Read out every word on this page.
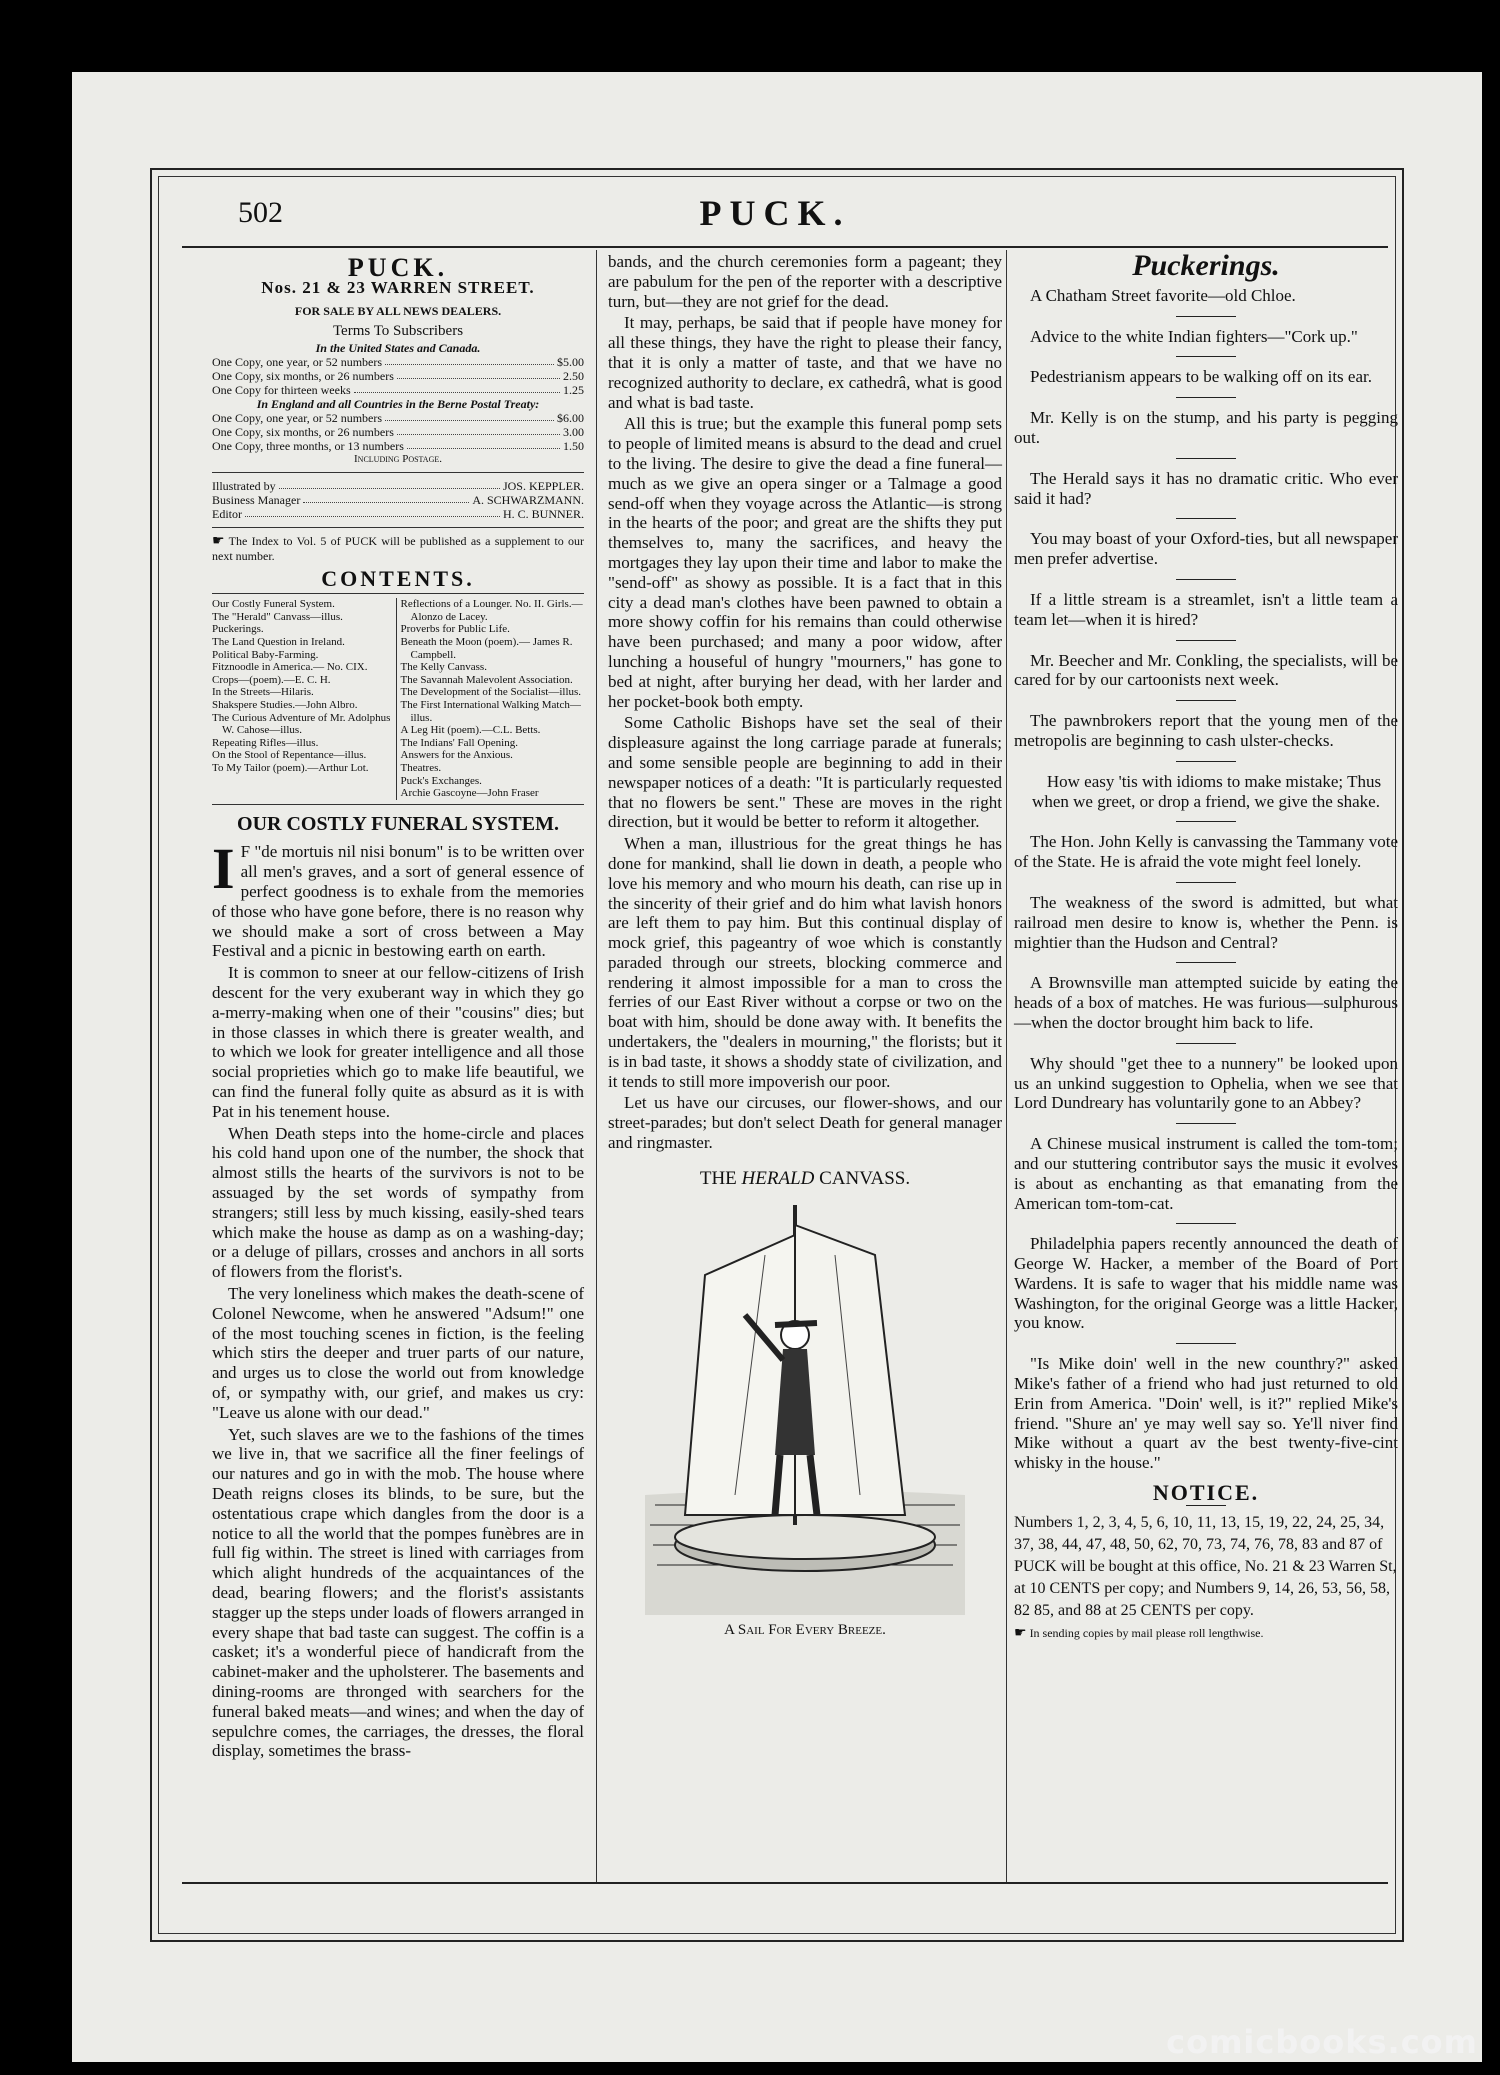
502	PUCK.
PUCK.
Nos. 21 & 23 WARREN STREET.
FOR SALE BY ALL NEWS DEALERS.
Terms To Subscribers
In the United States and Canada.
One Copy, one year, or 52 numbers	$5.00
One Copy, six months, or 26 numbers	2.50
One Copy for thirteen weeks	1.25
In England and all Countries in the Berne Postal Treaty:
One Copy, one year, or 52 numbers	$6.00
One Copy, six months, or 26 numbers	3.00
One Copy, three months, or 13 numbers	1.50
Including Postage.
Illustrated by	JOS. KEPPLER.
Business Manager	A. SCHWARZMANN.
Editor	H. C. BUNNER.
☛ The Index to Vol. 5 of PUCK will be published as a supplement to our next number.
CONTENTS.
Our Costly Funeral System.
The "Herald" Canvass—illus.
Puckerings.
The Land Question in Ireland.
Political Baby-Farming.
Fitznoodle in America.— No. CIX.
Crops—(poem).—E. C. H.
In the Streets—Hilaris.
Shakspere Studies.—John Albro.
The Curious Adventure of Mr. Adolphus W. Cahose—illus.
Repeating Rifles—illus.
On the Stool of Repentance—illus.
To My Tailor (poem).—Arthur Lot.
Reflections of a Lounger. No. II. Girls.—Alonzo de Lacey.
Proverbs for Public Life.
Beneath the Moon (poem).— James R. Campbell.
The Kelly Canvass.
The Savannah Malevolent Association.
The Development of the Socialist—illus.
The First International Walking Match—illus.
A Leg Hit (poem).—C.L. Betts.
The Indians' Fall Opening.
Answers for the Anxious.
Theatres.
Puck's Exchanges.
Archie Gascoyne—John Fraser
OUR COSTLY FUNERAL SYSTEM.

I F "de mortuis nil nisi bonum" is to be written over all men's graves, and a sort of general essence of perfect goodness is to exhale from the memories of those who have gone before, there is no reason why we should make a sort of cross between a May Festival and a picnic in bestowing earth on earth.

It is common to sneer at our fellow-citizens of Irish descent for the very exuberant way in which they go a-merry-making when one of their "cousins" dies; but in those classes in which there is greater wealth, and to which we look for greater intelligence and all those social proprieties which go to make life beautiful, we can find the funeral folly quite as absurd as it is with Pat in his tenement house.

When Death steps into the home-circle and places his cold hand upon one of the number, the shock that almost stills the hearts of the survivors is not to be assuaged by the set words of sympathy from strangers; still less by much kissing, easily-shed tears which make the house as damp as on a washing-day; or a deluge of pillars, crosses and anchors in all sorts of flowers from the florist's.

The very loneliness which makes the death-scene of Colonel Newcome, when he answered "Adsum!" one of the most touching scenes in fiction, is the feeling which stirs the deeper and truer parts of our nature, and urges us to close the world out from knowledge of, or sympathy with, our grief, and makes us cry: "Leave us alone with our dead."

Yet, such slaves are we to the fashions of the times we live in, that we sacrifice all the finer feelings of our natures and go in with the mob. The house where Death reigns closes its blinds, to be sure, but the ostentatious crape which dangles from the door is a notice to all the world that the pompes funèbres are in full fig within. The street is lined with carriages from which alight hundreds of the acquaintances of the dead, bearing flowers; and the florist's assistants stagger up the steps under loads of flowers arranged in every shape that bad taste can suggest. The coffin is a casket; it's a wonderful piece of handicraft from the cabinet-maker and the upholsterer. The basements and dining-rooms are thronged with searchers for the funeral baked meats—and wines; and when the day of sepulchre comes, the carriages, the dresses, the floral display, sometimes the brass-

bands, and the church ceremonies form a pageant; they are pabulum for the pen of the reporter with a descriptive turn, but—they are not grief for the dead.

It may, perhaps, be said that if people have money for all these things, they have the right to please their fancy, that it is only a matter of taste, and that we have no recognized authority to declare, ex cathedrâ, what is good and what is bad taste.

All this is true; but the example this funeral pomp sets to people of limited means is absurd to the dead and cruel to the living. The desire to give the dead a fine funeral—much as we give an opera singer or a Talmage a good send-off when they voyage across the Atlantic—is strong in the hearts of the poor; and great are the shifts they put themselves to, many the sacrifices, and heavy the mortgages they lay upon their time and labor to make the "send-off" as showy as possible. It is a fact that in this city a dead man's clothes have been pawned to obtain a more showy coffin for his remains than could otherwise have been purchased; and many a poor widow, after lunching a houseful of hungry "mourners," has gone to bed at night, after burying her dead, with her larder and her pocket-book both empty.

Some Catholic Bishops have set the seal of their displeasure against the long carriage parade at funerals; and some sensible people are beginning to add in their newspaper notices of a death: "It is particularly requested that no flowers be sent." These are moves in the right direction, but it would be better to reform it altogether.

When a man, illustrious for the great things he has done for mankind, shall lie down in death, a people who love his memory and who mourn his death, can rise up in the sincerity of their grief and do him what lavish honors are left them to pay him. But this continual display of mock grief, this pageantry of woe which is constantly paraded through our streets, blocking commerce and rendering it almost impossible for a man to cross the ferries of our East River without a corpse or two on the boat with him, should be done away with. It benefits the undertakers, the "dealers in mourning," the florists; but it is in bad taste, it shows a shoddy state of civilization, and it tends to still more impoverish our poor.

Let us have our circuses, our flower-shows, and our street-parades; but don't select Death for general manager and ringmaster.

THE HERALD CANVASS.
A Sail For Every Breeze.
Puckerings.

A Chatham Street favorite—old Chloe.

Advice to the white Indian fighters—"Cork up."

Pedestrianism appears to be walking off on its ear.

Mr. Kelly is on the stump, and his party is pegging out.

The Herald says it has no dramatic critic. Who ever said it had?

You may boast of your Oxford-ties, but all newspaper men prefer advertise.

If a little stream is a streamlet, isn't a little team a team let—when it is hired?

Mr. Beecher and Mr. Conkling, the specialists, will be cared for by our cartoonists next week.

The pawnbrokers report that the young men of the metropolis are beginning to cash ulster-checks.

How easy 'tis with idioms to make mistake; Thus when we greet, or drop a friend, we give the shake.

The Hon. John Kelly is canvassing the Tammany vote of the State. He is afraid the vote might feel lonely.

The weakness of the sword is admitted, but what railroad men desire to know is, whether the Penn. is mightier than the Hudson and Central?

A Brownsville man attempted suicide by eating the heads of a box of matches. He was furious—sulphurous—when the doctor brought him back to life.

Why should "get thee to a nunnery" be looked upon us an unkind suggestion to Ophelia, when we see that Lord Dundreary has voluntarily gone to an Abbey?

A Chinese musical instrument is called the tom-tom; and our stuttering contributor says the music it evolves is about as enchanting as that emanating from the American tom-tom-cat.

Philadelphia papers recently announced the death of George W. Hacker, a member of the Board of Port Wardens. It is safe to wager that his middle name was Washington, for the original George was a little Hacker, you know.

"Is Mike doin' well in the new counthry?" asked Mike's father of a friend who had just returned to old Erin from America. "Doin' well, is it?" replied Mike's friend. "Shure an' ye may well say so. Ye'll niver find Mike without a quart av the best twenty-five-cint whisky in the house."

NOTICE.
Numbers 1, 2, 3, 4, 5, 6, 10, 11, 13, 15, 19, 22, 24, 25, 34, 37, 38, 44, 47, 48, 50, 62, 70, 73, 74, 76, 78, 83 and 87 of PUCK will be bought at this office, No. 21 & 23 Warren St, at 10 CENTS per copy; and Numbers 9, 14, 26, 53, 56, 58, 82 85, and 88 at 25 CENTS per copy.
☛ In sending copies by mail please roll lengthwise.
comicbooks.com
